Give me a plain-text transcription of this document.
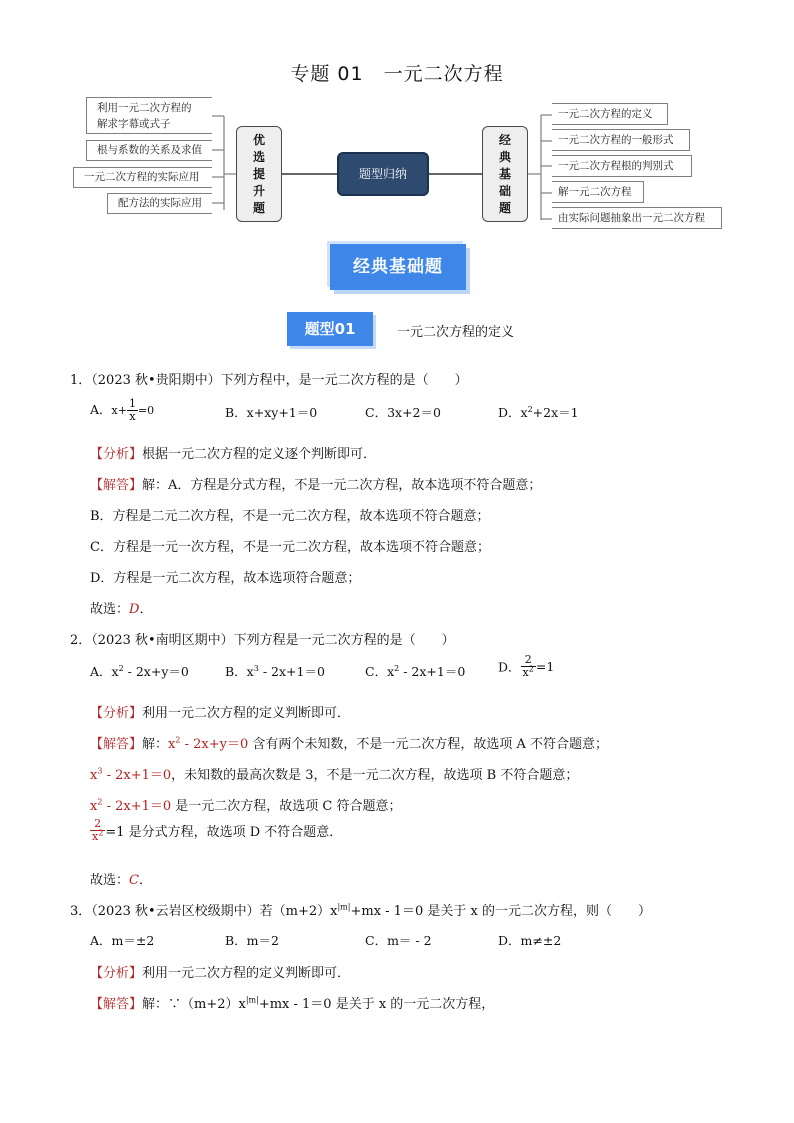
专题 01　一元二次方程
利用一元二次方程的
解求字幕或式子
根与系数的关系及求值
一元二次方程的实际应用
配方法的实际应用
优
选
提
升
题
题型归纳
经
典
基
础
题
一元二次方程的定义
一元二次方程的一般形式
一元二次方程根的判别式
解一元二次方程
由实际问题抽象出一元二次方程
经典基础题
题型01	一元二次方程的定义
1．（2023 秋•贵阳期中）下列方程中，是一元二次方程的是（　　）
A．$x+ \frac{1}{x} =0$	B．x+xy+1＝0	C．3x+2＝0	D．$x^2+2x=1$
【分析】根据一元二次方程的定义逐个判断即可．
【解答】解：A．方程是分式方程，不是一元二次方程，故本选项不符合题意；
B．方程是二元二次方程，不是一元二次方程，故本选项不符合题意；
C．方程是一元一次方程，不是一元二次方程，故本选项不符合题意；
D．方程是一元二次方程，故本选项符合题意；
故选：D．
2．（2023 秋•南明区期中）下列方程是一元二次方程的是（　　）
A．$x^2 - 2x+y=0$	B．$x^3 - 2x+1=0$	C．$x^2 - 2x+1=0$	D． $\frac{2}{x^2} =1$
【分析】利用一元二次方程的定义判断即可．
【解答】解：$x^2 - 2x+y=0$ 含有两个未知数，不是一元二次方程，故选项 A 不符合题意；
$x^3 - 2x+1=0$，未知数的最高次数是 3，不是一元二次方程，故选项 B 不符合题意；
$x^2 - 2x+1=0$ 是一元二次方程，故选项 C 符合题意；
$\frac{2}{x^2} =1$ 是分式方程，故选项 D 不符合题意．
故选：C．
3．（2023 秋•云岩区校级期中）若$(m+2)x^{|m|}+mx - 1=0$ 是关于 x 的一元二次方程，则（　　）
A．m＝±2	B．m＝2	C．m＝ - 2	D．m≠±2
【分析】利用一元二次方程的定义判断即可．
【解答】解：$\because(m+2)x^{|m|}+mx - 1=0$ 是关于 x 的一元二次方程，
